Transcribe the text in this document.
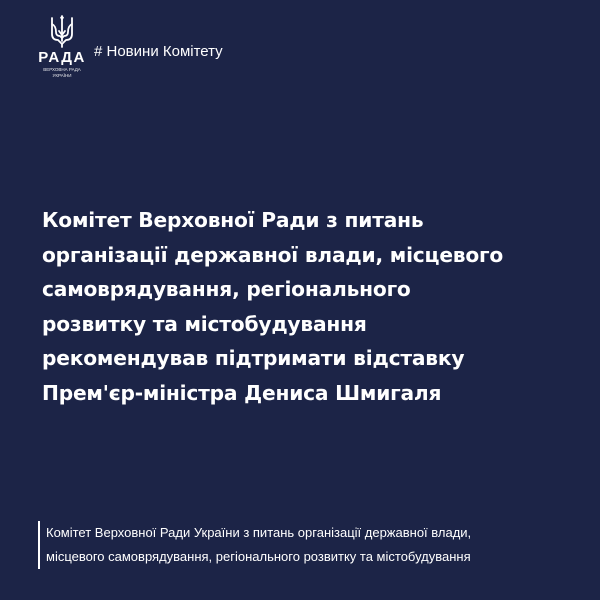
РАДА
ВЕРХОВНА РАДА
УКРАЇНИ
# Новини Комітету
Комітет Верховної Ради з питань
організації державної влади, місцевого
самоврядування, регіонального
розвитку та містобудування
рекомендував підтримати відставку
Прем'єр-міністра Дениса Шмигаля
Комітет Верховної Ради України з питань організації державної влади,
місцевого самоврядування, регіонального розвитку та містобудування
